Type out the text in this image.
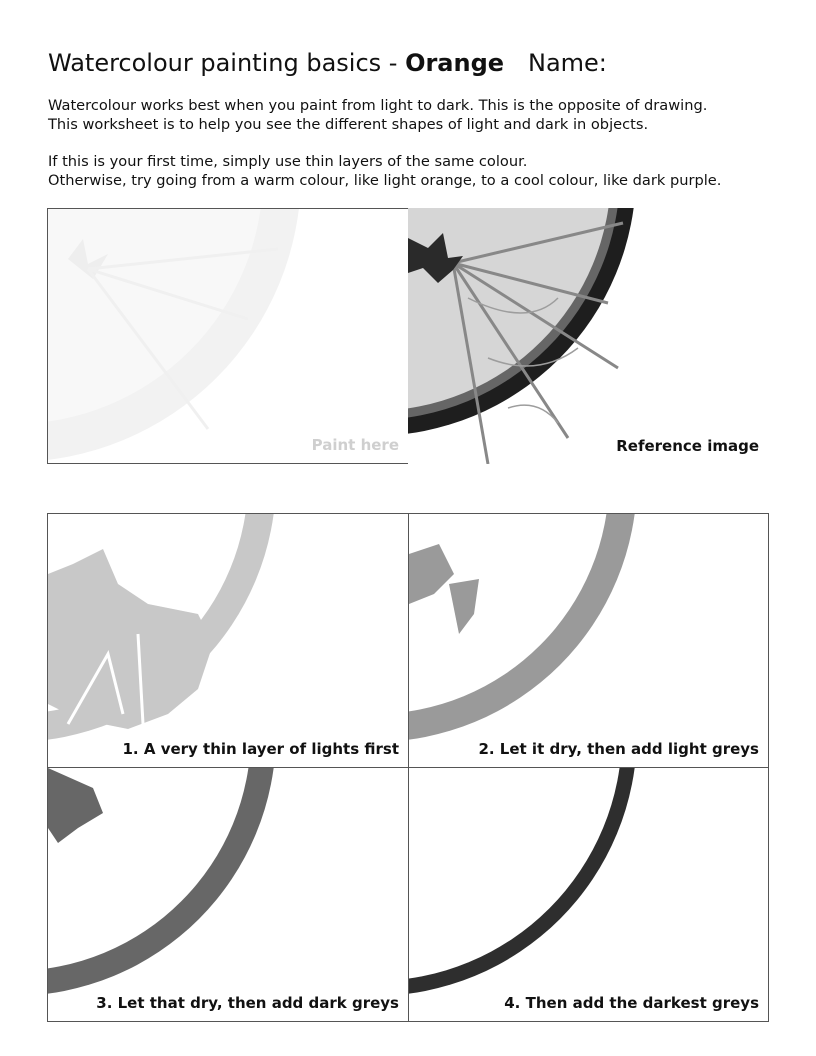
Watercolour painting basics - Orange Name:

Watercolour works best when you paint from light to dark. This is the opposite of drawing.

This worksheet is to help you see the different shapes of light and dark in objects.

If this is your first time, simply use thin layers of the same colour.

Otherwise, try going from a warm colour, like light orange, to a cool colour, like dark purple.

Paint here	Reference image
1. A very thin layer of lights first	2. Let it dry, then add light greys
3. Let that dry, then add dark greys	4. Then add the darkest greys
